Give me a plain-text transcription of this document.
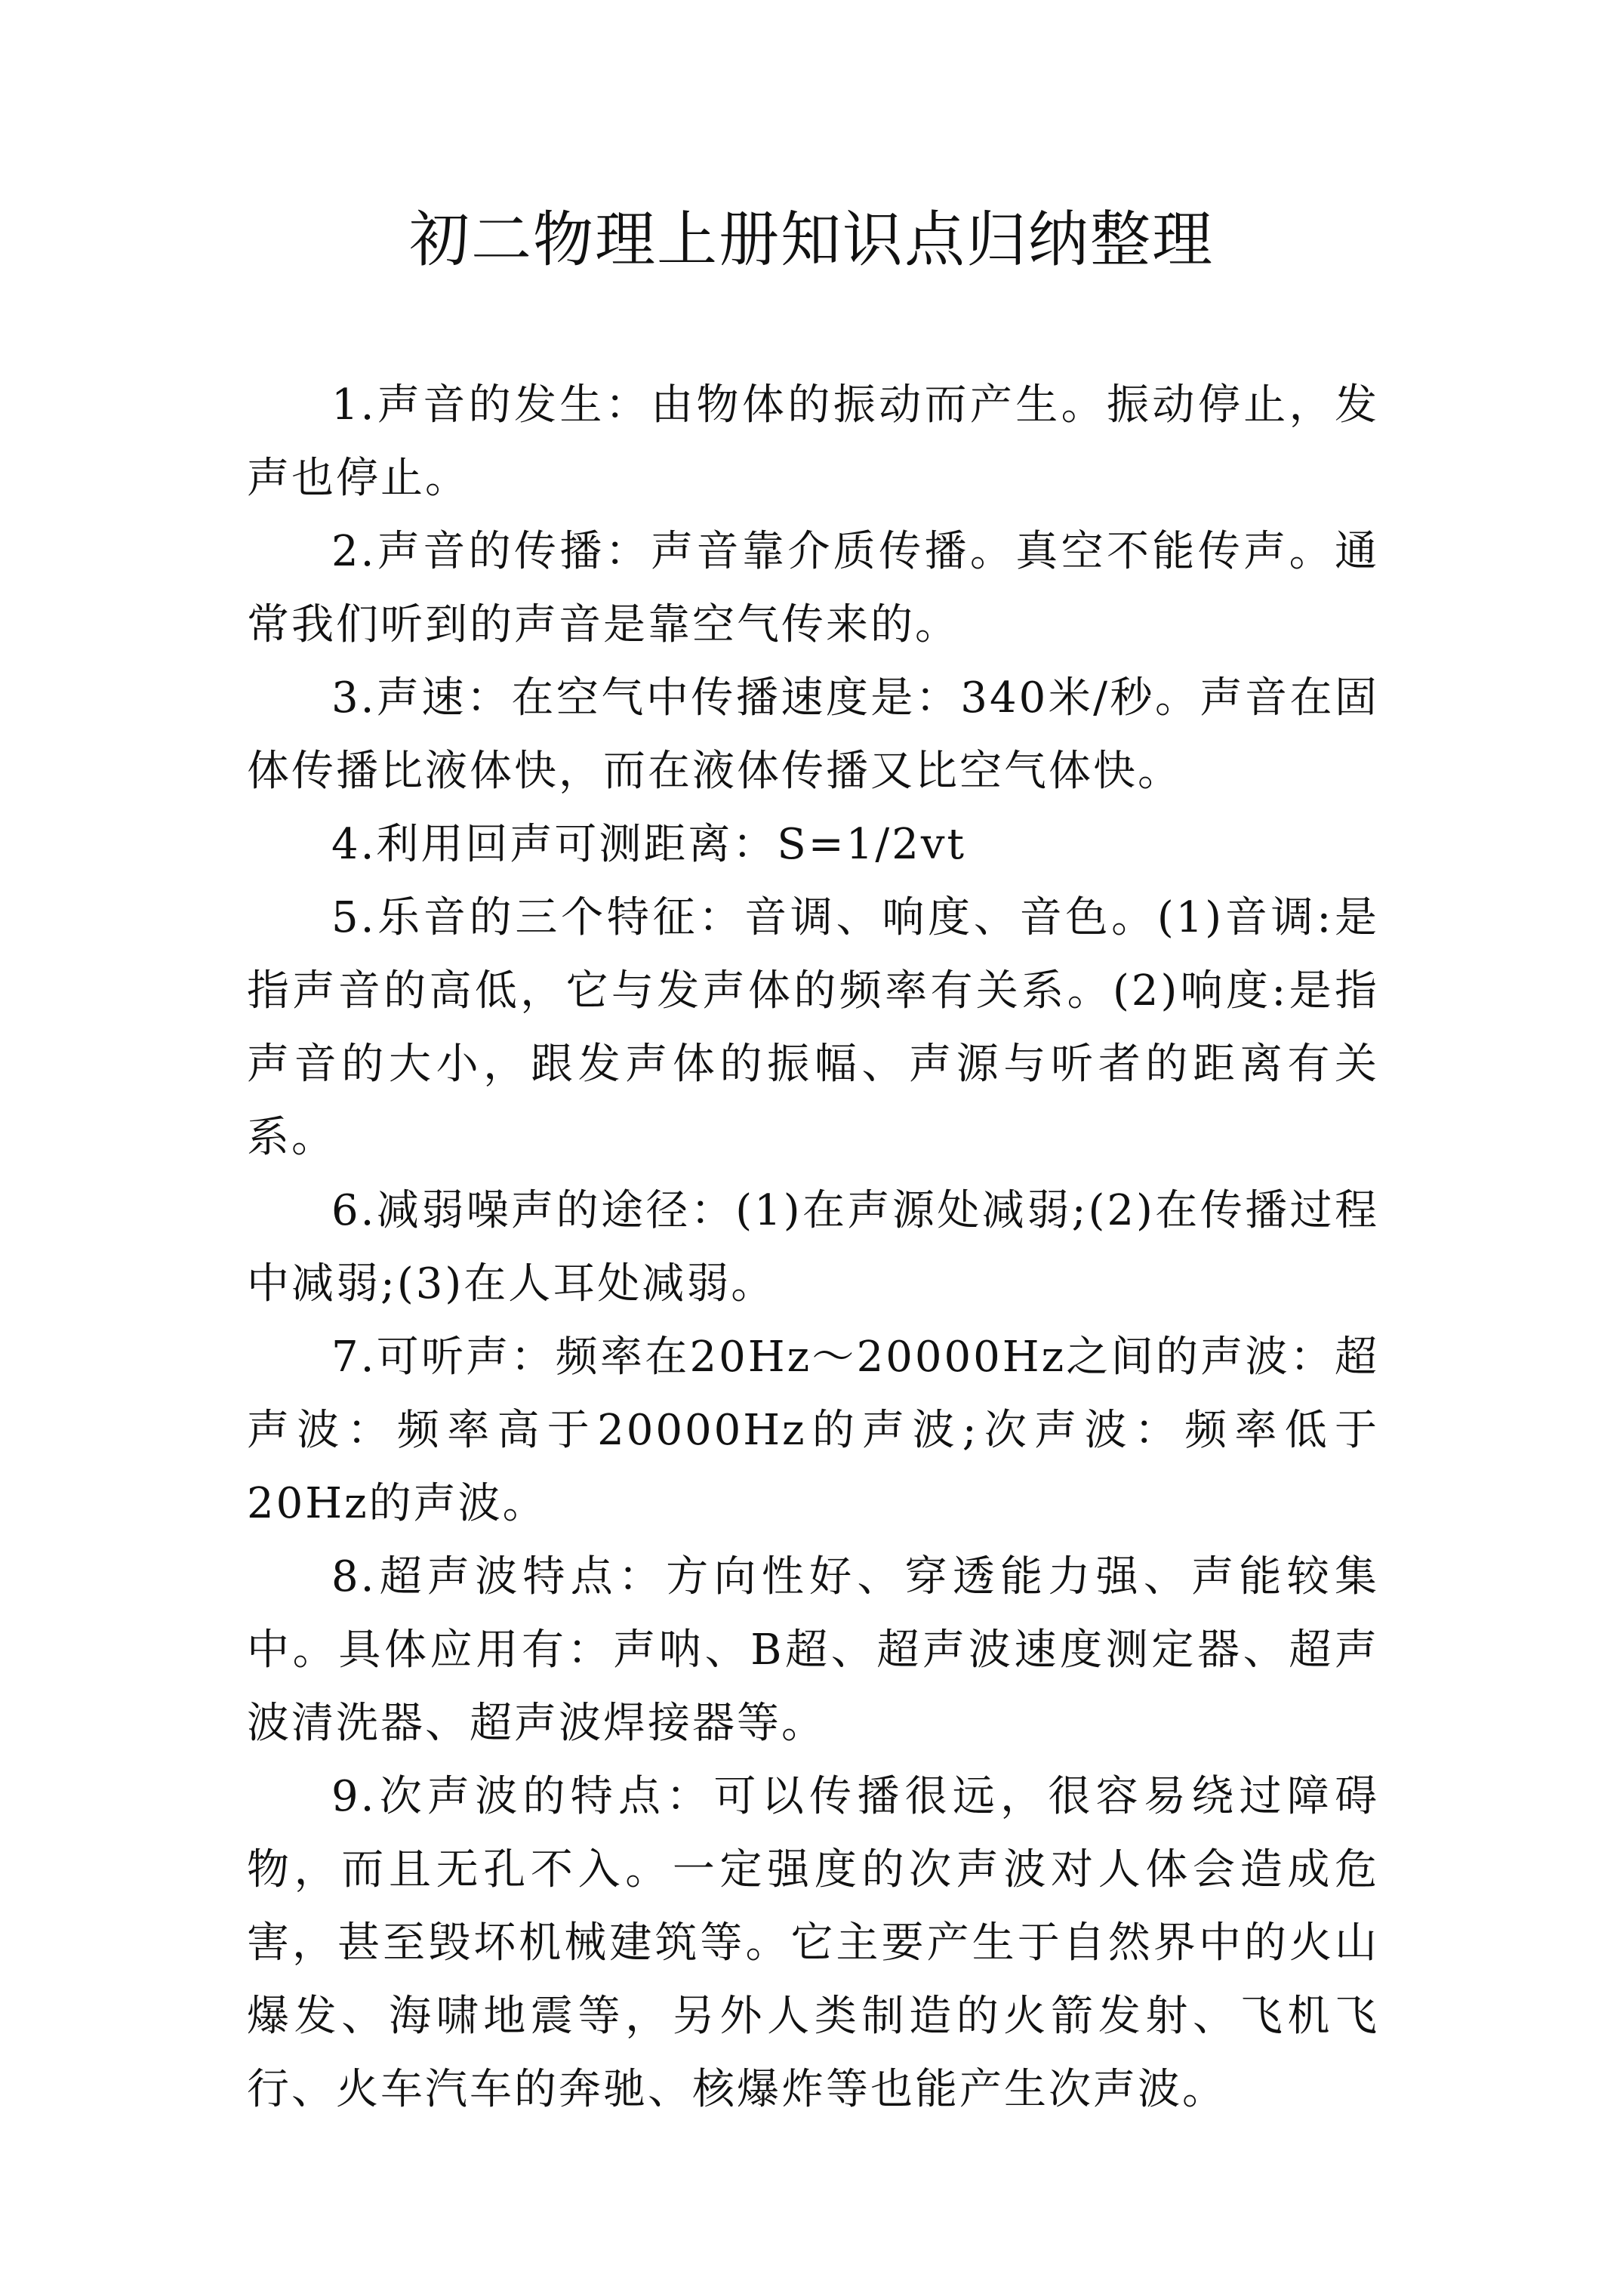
初二物理上册知识点归纳整理

1.声音的发生：由物体的振动而产生。振动停止，发声也停止。

2.声音的传播：声音靠介质传播。真空不能传声。通常我们听到的声音是靠空气传来的。

3.声速：在空气中传播速度是：340米/秒。声音在固体传播比液体快，而在液体传播又比空气体快。

4.利用回声可测距离：S=1/2vt

5.乐音的三个特征：音调、响度、音色。(1)音调:是指声音的高低，它与发声体的频率有关系。(2)响度:是指声音的大小，跟发声体的振幅、声源与听者的距离有关系。

6.减弱噪声的途径：(1)在声源处减弱;(2)在传播过程中减弱;(3)在人耳处减弱。

7.可听声：频率在20Hz～20000Hz之间的声波：超声波：频率高于20000Hz的声波;次声波：频率低于20Hz的声波。

8.超声波特点：方向性好、穿透能力强、声能较集中。具体应用有：声呐、B超、超声波速度测定器、超声波清洗器、超声波焊接器等。

9.次声波的特点：可以传播很远，很容易绕过障碍物，而且无孔不入。一定强度的次声波对人体会造成危害，甚至毁坏机械建筑等。它主要产生于自然界中的火山爆发、海啸地震等，另外人类制造的火箭发射、飞机飞行、火车汽车的奔驰、核爆炸等也能产生次声波。
